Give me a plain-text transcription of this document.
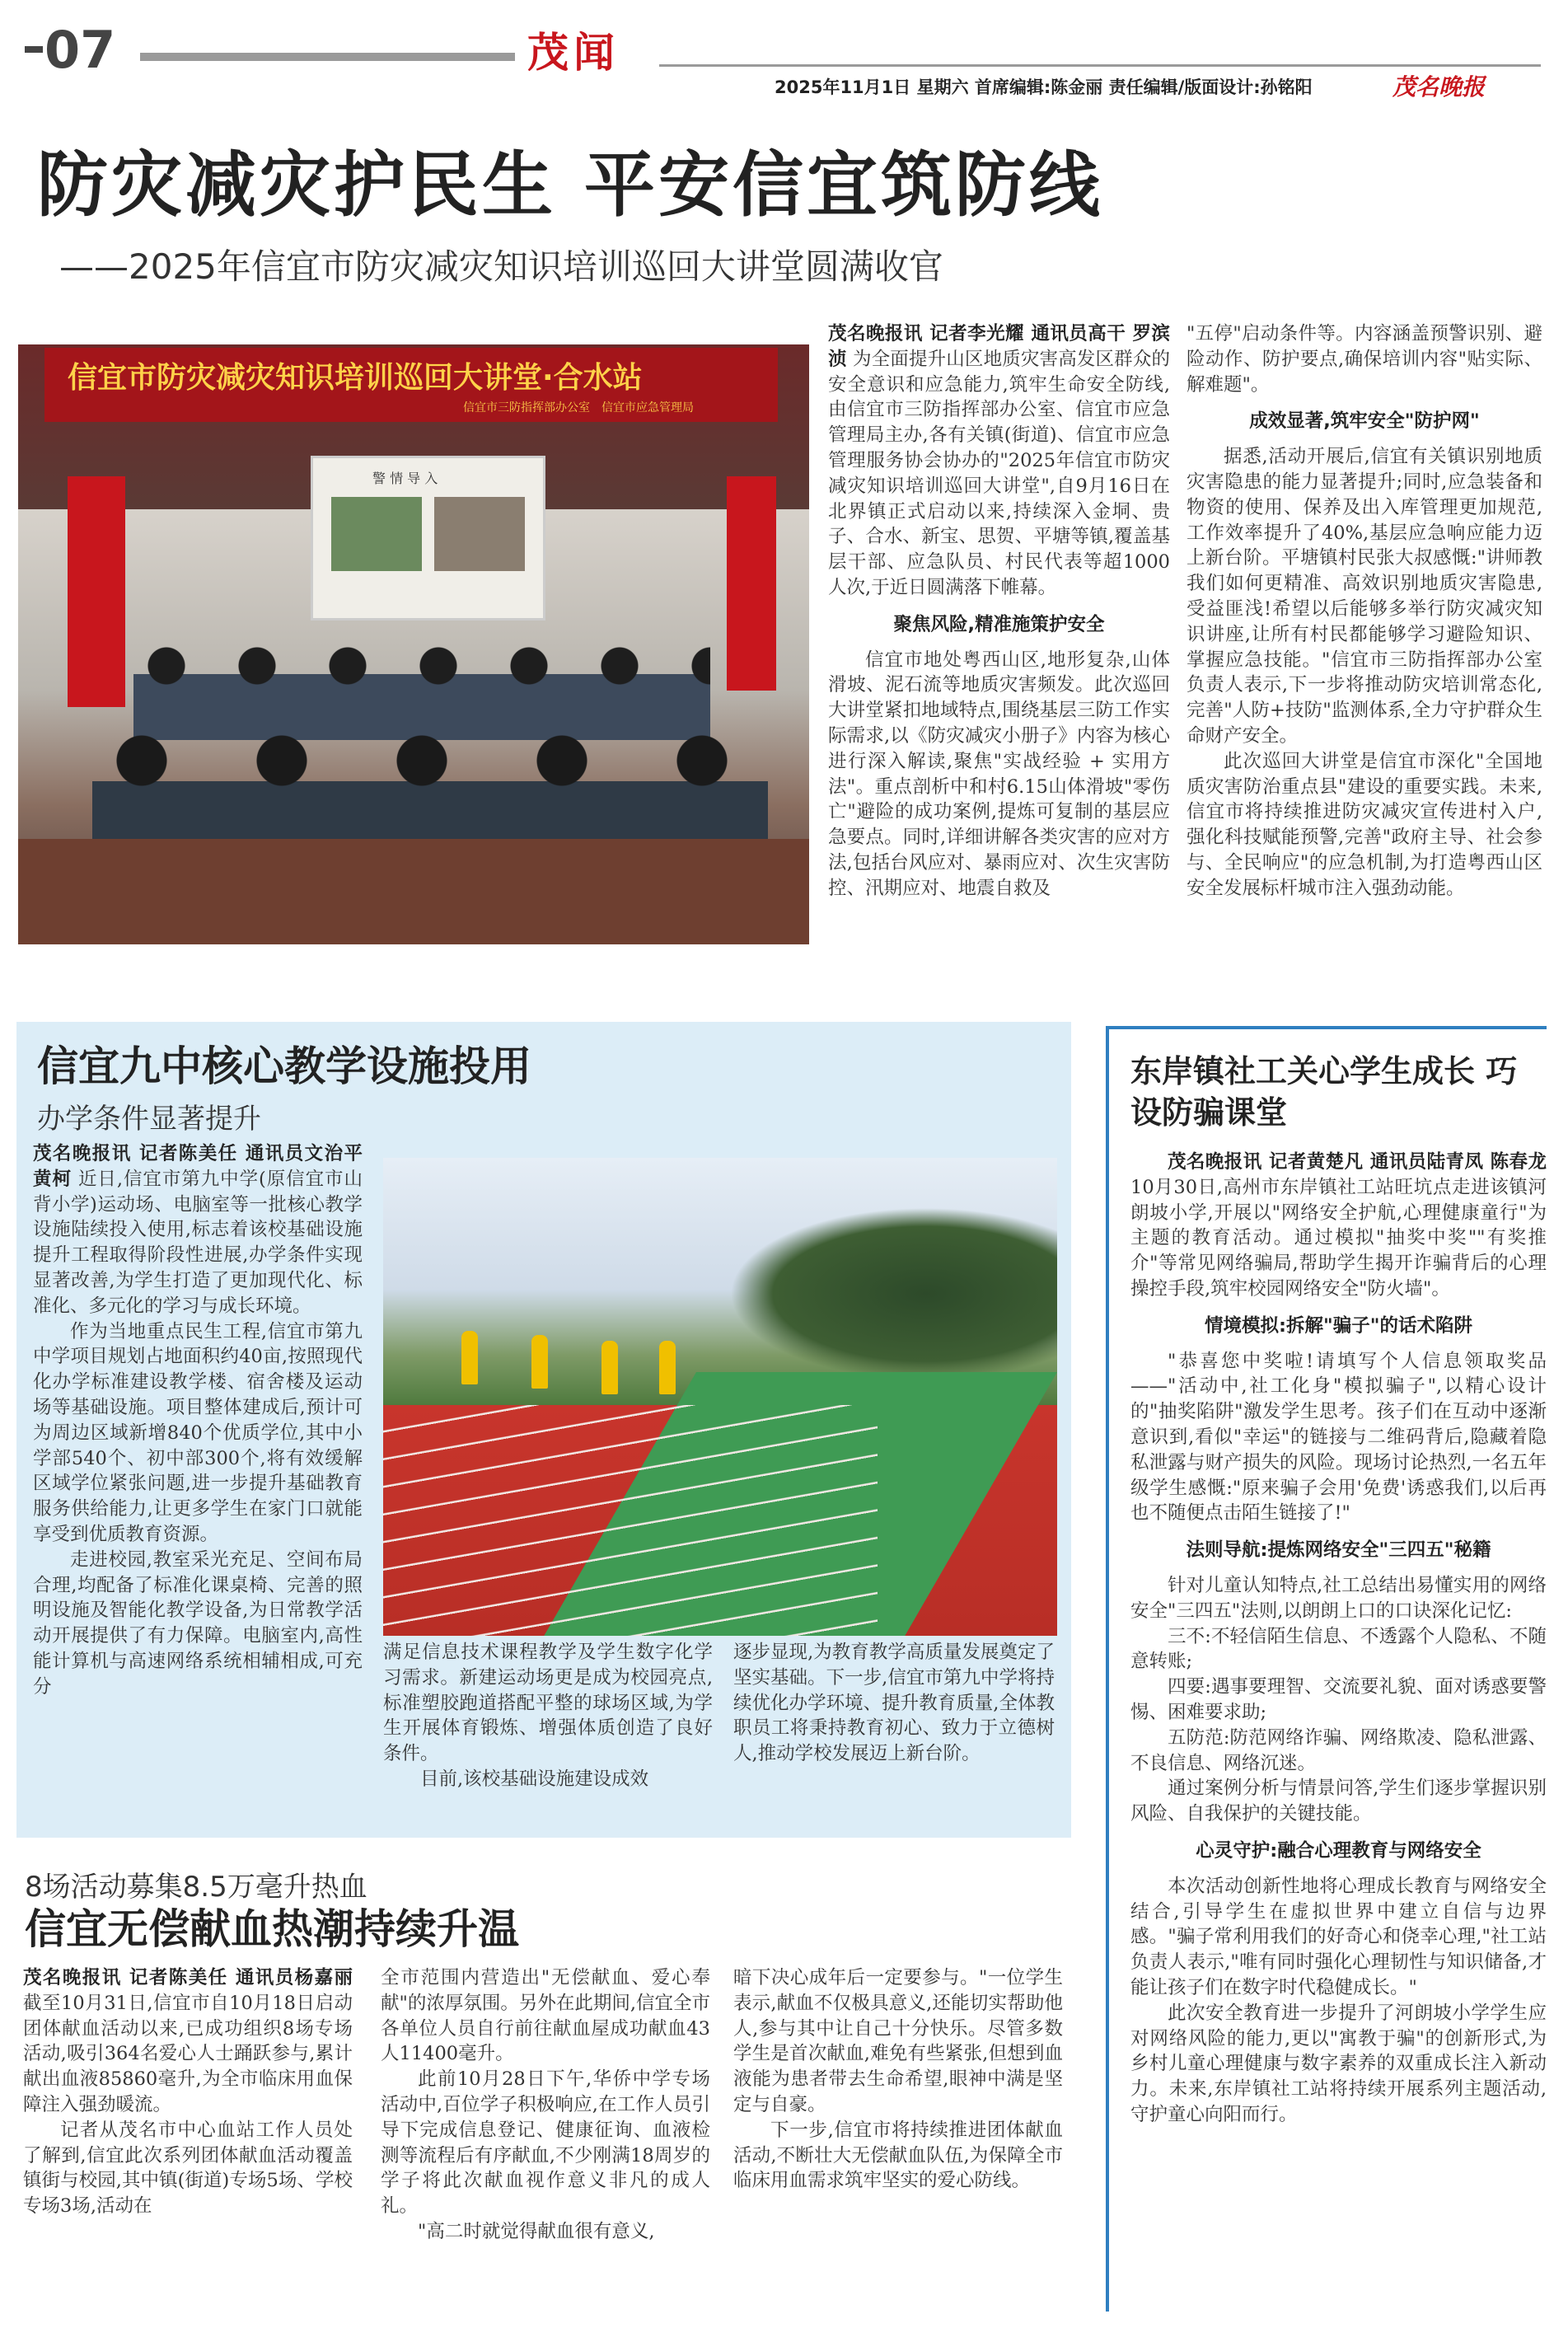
07	茂闻
2025年11月1日 星期六 首席编辑:陈金丽 责任编辑/版面设计:孙铭阳	茂名晚报
防灾减灾护民生 平安信宜筑防线
——2025年信宜市防灾减灾知识培训巡回大讲堂圆满收官
信宜市防灾减灾知识培训巡回大讲堂·合水站
信宜市三防指挥部办公室　信宜市应急管理局
警 情 导 入

茂名晚报讯 记者李光耀 通讯员高干 罗滨浈 为全面提升山区地质灾害高发区群众的安全意识和应急能力,筑牢生命安全防线,由信宜市三防指挥部办公室、信宜市应急管理局主办,各有关镇(街道)、信宜市应急管理服务协会协办的"2025年信宜市防灾减灾知识培训巡回大讲堂",自9月16日在北界镇正式启动以来,持续深入金垌、贵子、合水、新宝、思贺、平塘等镇,覆盖基层干部、应急队员、村民代表等超1000人次,于近日圆满落下帷幕。

聚焦风险,精准施策护安全

信宜市地处粤西山区,地形复杂,山体滑坡、泥石流等地质灾害频发。此次巡回大讲堂紧扣地域特点,围绕基层三防工作实际需求,以《防灾减灾小册子》内容为核心进行深入解读,聚焦"实战经验 + 实用方法"。重点剖析中和村6.15山体滑坡"零伤亡"避险的成功案例,提炼可复制的基层应急要点。同时,详细讲解各类灾害的应对方法,包括台风应对、暴雨应对、次生灾害防控、汛期应对、地震自救及

"五停"启动条件等。内容涵盖预警识别、避险动作、防护要点,确保培训内容"贴实际、解难题"。

成效显著,筑牢安全"防护网"

据悉,活动开展后,信宜有关镇识别地质灾害隐患的能力显著提升;同时,应急装备和物资的使用、保养及出入库管理更加规范,工作效率提升了40%,基层应急响应能力迈上新台阶。平塘镇村民张大叔感慨:"讲师教我们如何更精准、高效识别地质灾害隐患,受益匪浅!希望以后能够多举行防灾减灾知识讲座,让所有村民都能够学习避险知识、掌握应急技能。"信宜市三防指挥部办公室负责人表示,下一步将推动防灾培训常态化,完善"人防+技防"监测体系,全力守护群众生命财产安全。

此次巡回大讲堂是信宜市深化"全国地质灾害防治重点县"建设的重要实践。未来,信宜市将持续推进防灾减灾宣传进村入户,强化科技赋能预警,完善"政府主导、社会参与、全民响应"的应急机制,为打造粤西山区安全发展标杆城市注入强劲动能。

信宜九中核心教学设施投用
办学条件显著提升

茂名晚报讯 记者陈美任 通讯员文治平 黄柯 近日,信宜市第九中学(原信宜市山背小学)运动场、电脑室等一批核心教学设施陆续投入使用,标志着该校基础设施提升工程取得阶段性进展,办学条件实现显著改善,为学生打造了更加现代化、标准化、多元化的学习与成长环境。

作为当地重点民生工程,信宜市第九中学项目规划占地面积约40亩,按照现代化办学标准建设教学楼、宿舍楼及运动场等基础设施。项目整体建成后,预计可为周边区域新增840个优质学位,其中小学部540个、初中部300个,将有效缓解区域学位紧张问题,进一步提升基础教育服务供给能力,让更多学生在家门口就能享受到优质教育资源。

走进校园,教室采光充足、空间布局合理,均配备了标准化课桌椅、完善的照明设施及智能化教学设备,为日常教学活动开展提供了有力保障。电脑室内,高性能计算机与高速网络系统相辅相成,可充分

满足信息技术课程教学及学生数字化学习需求。新建运动场更是成为校园亮点,标准塑胶跑道搭配平整的球场区域,为学生开展体育锻炼、增强体质创造了良好条件。

目前,该校基础设施建设成效

逐步显现,为教育教学高质量发展奠定了坚实基础。下一步,信宜市第九中学将持续优化办学环境、提升教育质量,全体教职员工将秉持教育初心、致力于立德树人,推动学校发展迈上新台阶。

8场活动募集8.5万毫升热血
信宜无偿献血热潮持续升温

茂名晚报讯 记者陈美任 通讯员杨嘉丽 截至10月31日,信宜市自10月18日启动团体献血活动以来,已成功组织8场专场活动,吸引364名爱心人士踊跃参与,累计献出血液85860毫升,为全市临床用血保障注入强劲暖流。

记者从茂名市中心血站工作人员处了解到,信宜此次系列团体献血活动覆盖镇街与校园,其中镇(街道)专场5场、学校专场3场,活动在

全市范围内营造出"无偿献血、爱心奉献"的浓厚氛围。另外在此期间,信宜全市各单位人员自行前往献血屋成功献血43人11400毫升。

此前10月28日下午,华侨中学专场活动中,百位学子积极响应,在工作人员引导下完成信息登记、健康征询、血液检测等流程后有序献血,不少刚满18周岁的学子将此次献血视作意义非凡的成人礼。

"高二时就觉得献血很有意义,

暗下决心成年后一定要参与。"一位学生表示,献血不仅极具意义,还能切实帮助他人,参与其中让自己十分快乐。尽管多数学生是首次献血,难免有些紧张,但想到血液能为患者带去生命希望,眼神中满是坚定与自豪。

下一步,信宜市将持续推进团体献血活动,不断壮大无偿献血队伍,为保障全市临床用血需求筑牢坚实的爱心防线。

东岸镇社工关心学生成长 巧设防骗课堂

茂名晚报讯 记者黄楚凡 通讯员陆青凤 陈春龙 10月30日,高州市东岸镇社工站旺坑点走进该镇河朗坡小学,开展以"网络安全护航,心理健康童行"为主题的教育活动。通过模拟"抽奖中奖""有奖推介"等常见网络骗局,帮助学生揭开诈骗背后的心理操控手段,筑牢校园网络安全"防火墙"。

情境模拟:拆解"骗子"的话术陷阱

"恭喜您中奖啦!请填写个人信息领取奖品——"活动中,社工化身"模拟骗子",以精心设计的"抽奖陷阱"激发学生思考。孩子们在互动中逐渐意识到,看似"幸运"的链接与二维码背后,隐藏着隐私泄露与财产损失的风险。现场讨论热烈,一名五年级学生感慨:"原来骗子会用'免费'诱惑我们,以后再也不随便点击陌生链接了!"

法则导航:提炼网络安全"三四五"秘籍

针对儿童认知特点,社工总结出易懂实用的网络安全"三四五"法则,以朗朗上口的口诀深化记忆:

三不:不轻信陌生信息、不透露个人隐私、不随意转账;

四要:遇事要理智、交流要礼貌、面对诱惑要警惕、困难要求助;

五防范:防范网络诈骗、网络欺凌、隐私泄露、不良信息、网络沉迷。

通过案例分析与情景问答,学生们逐步掌握识别风险、自我保护的关键技能。

心灵守护:融合心理教育与网络安全

本次活动创新性地将心理成长教育与网络安全结合,引导学生在虚拟世界中建立自信与边界感。"骗子常利用我们的好奇心和侥幸心理,"社工站负责人表示,"唯有同时强化心理韧性与知识储备,才能让孩子们在数字时代稳健成长。"

此次安全教育进一步提升了河朗坡小学学生应对网络风险的能力,更以"寓教于骗"的创新形式,为乡村儿童心理健康与数字素养的双重成长注入新动力。未来,东岸镇社工站将持续开展系列主题活动,守护童心向阳而行。
